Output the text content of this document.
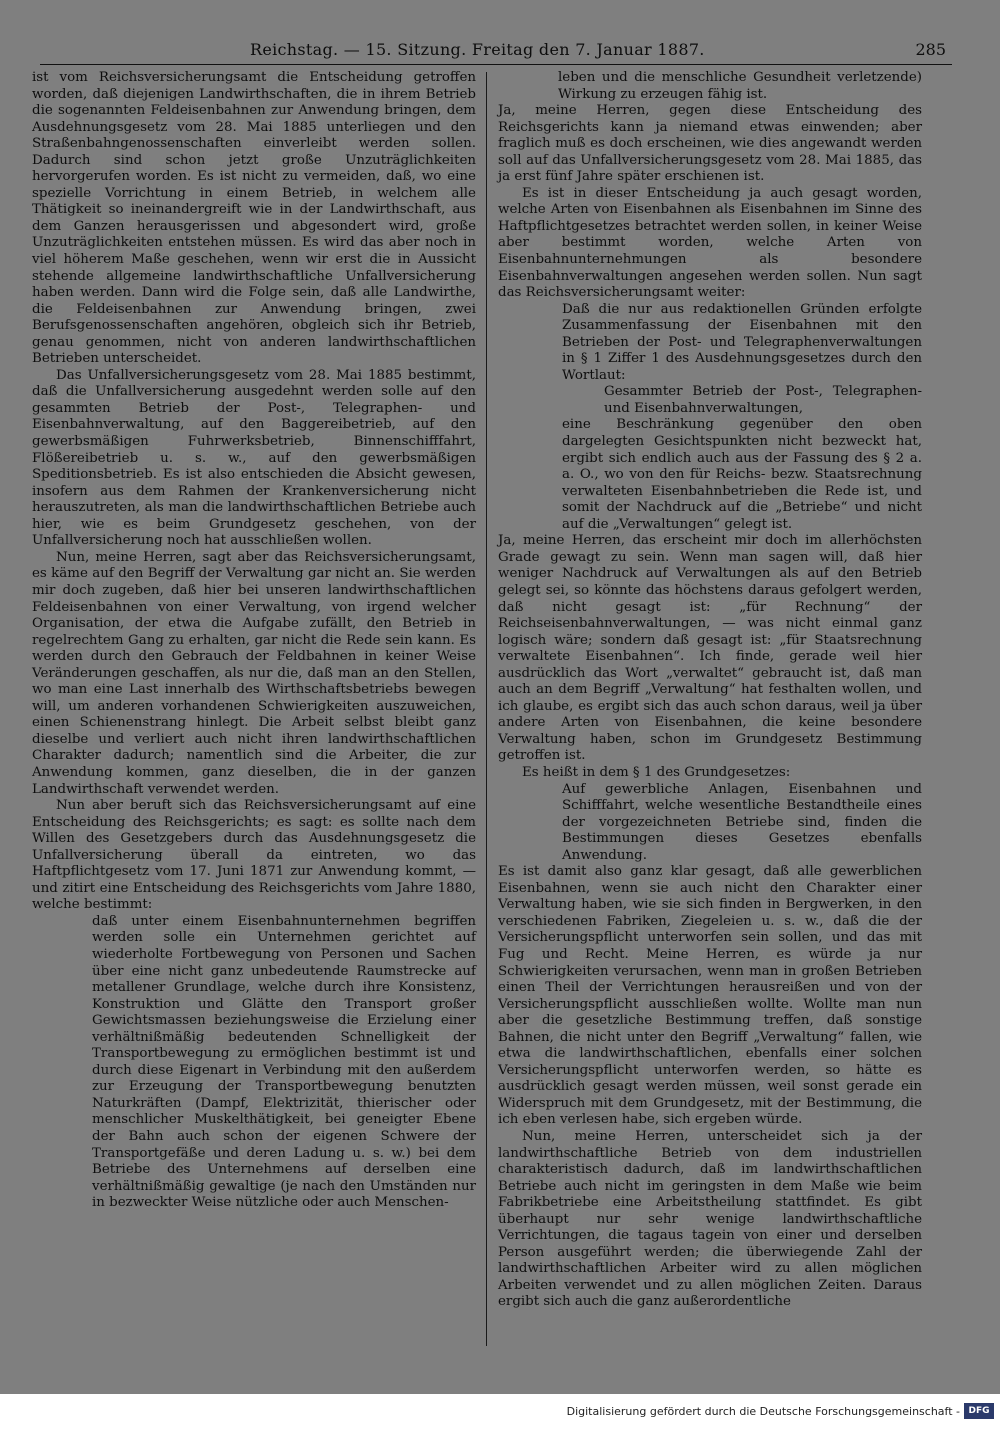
Reichstag. — 15. Sitzung. Freitag den 7. Januar 1887.	285

ist vom Reichsversicherungsamt die Entscheidung getroffen worden, daß diejenigen Landwirthschaften, die in ihrem Betrieb die sogenannten Feldeisenbahnen zur Anwendung bringen, dem Ausdehnungsgesetz vom 28. Mai 1885 unterliegen und den Straßenbahngenossenschaften einverleibt werden sollen. Dadurch sind schon jetzt große Unzuträglichkeiten hervorgerufen worden. Es ist nicht zu vermeiden, daß, wo eine spezielle Vorrichtung in einem Betrieb, in welchem alle Thätigkeit so ineinandergreift wie in der Landwirthschaft, aus dem Ganzen herausgerissen und abgesondert wird, große Unzuträglichkeiten entstehen müssen. Es wird das aber noch in viel höherem Maße geschehen, wenn wir erst die in Aussicht stehende allgemeine landwirthschaftliche Unfallversicherung haben werden. Dann wird die Folge sein, daß alle Landwirthe, die Feldeisenbahnen zur Anwendung bringen, zwei Berufsgenossenschaften angehören, obgleich sich ihr Betrieb, genau genommen, nicht von anderen landwirthschaftlichen Betrieben unterscheidet.

Das Unfallversicherungsgesetz vom 28. Mai 1885 bestimmt, daß die Unfallversicherung ausgedehnt werden solle auf den gesammten Betrieb der Post-, Telegraphen- und Eisenbahnverwaltung, auf den Baggereibetrieb, auf den gewerbsmäßigen Fuhrwerksbetrieb, Binnenschifffahrt, Flößereibetrieb u. s. w., auf den gewerbsmäßigen Speditionsbetrieb. Es ist also entschieden die Absicht gewesen, insofern aus dem Rahmen der Krankenversicherung nicht herauszutreten, als man die landwirthschaftlichen Betriebe auch hier, wie es beim Grundgesetz geschehen, von der Unfallversicherung noch hat ausschließen wollen.

Nun, meine Herren, sagt aber das Reichsversicherungsamt, es käme auf den Begriff der Verwaltung gar nicht an. Sie werden mir doch zugeben, daß hier bei unseren landwirthschaftlichen Feldeisenbahnen von einer Verwaltung, von irgend welcher Organisation, der etwa die Aufgabe zufällt, den Betrieb in regelrechtem Gang zu erhalten, gar nicht die Rede sein kann. Es werden durch den Gebrauch der Feldbahnen in keiner Weise Veränderungen geschaffen, als nur die, daß man an den Stellen, wo man eine Last innerhalb des Wirthschaftsbetriebs bewegen will, um anderen vorhandenen Schwierigkeiten auszuweichen, einen Schienenstrang hinlegt. Die Arbeit selbst bleibt ganz dieselbe und verliert auch nicht ihren landwirthschaftlichen Charakter dadurch; namentlich sind die Arbeiter, die zur Anwendung kommen, ganz dieselben, die in der ganzen Landwirthschaft verwendet werden.

Nun aber beruft sich das Reichsversicherungsamt auf eine Entscheidung des Reichsgerichts; es sagt: es sollte nach dem Willen des Gesetzgebers durch das Ausdehnungsgesetz die Unfallversicherung überall da eintreten, wo das Haftpflichtgesetz vom 17. Juni 1871 zur Anwendung kommt, — und zitirt eine Entscheidung des Reichsgerichts vom Jahre 1880, welche bestimmt:

daß unter einem Eisenbahnunternehmen begriffen werden solle ein Unternehmen gerichtet auf wiederholte Fortbewegung von Personen und Sachen über eine nicht ganz unbedeutende Raumstrecke auf metallener Grundlage, welche durch ihre Konsistenz, Konstruktion und Glätte den Transport großer Gewichtsmassen beziehungsweise die Erzielung einer verhältnißmäßig bedeutenden Schnelligkeit der Transportbewegung zu ermöglichen bestimmt ist und durch diese Eigenart in Verbindung mit den außerdem zur Erzeugung der Transportbewegung benutzten Naturkräften (Dampf, Elektrizität, thierischer oder menschlicher Muskelthätigkeit, bei geneigter Ebene der Bahn auch schon der eigenen Schwere der Transportgefäße und deren Ladung u. s. w.) bei dem Betriebe des Unternehmens auf derselben eine verhältnißmäßig gewaltige (je nach den Umständen nur in bezweckter Weise nützliche oder auch Menschen-

leben und die menschliche Gesundheit verletzende) Wirkung zu erzeugen fähig ist.

Ja, meine Herren, gegen diese Entscheidung des Reichsgerichts kann ja niemand etwas einwenden; aber fraglich muß es doch erscheinen, wie dies angewandt werden soll auf das Unfallversicherungsgesetz vom 28. Mai 1885, das ja erst fünf Jahre später erschienen ist.

Es ist in dieser Entscheidung ja auch gesagt worden, welche Arten von Eisenbahnen als Eisenbahnen im Sinne des Haftpflichtgesetzes betrachtet werden sollen, in keiner Weise aber bestimmt worden, welche Arten von Eisenbahnunternehmungen als besondere Eisenbahnverwaltungen angesehen werden sollen. Nun sagt das Reichsversicherungsamt weiter:

Daß die nur aus redaktionellen Gründen erfolgte Zusammenfassung der Eisenbahnen mit den Betrieben der Post- und Telegraphenverwaltungen in § 1 Ziffer 1 des Ausdehnungsgesetzes durch den Wortlaut:

Gesammter Betrieb der Post-, Telegraphen- und Eisenbahnverwaltungen,

eine Beschränkung gegenüber den oben dargelegten Gesichtspunkten nicht bezweckt hat, ergibt sich endlich auch aus der Fassung des § 2 a. a. O., wo von den für Reichs- bezw. Staatsrechnung verwalteten Eisenbahnbetrieben die Rede ist, und somit der Nachdruck auf die „Betriebe“ und nicht auf die „Verwaltungen“ gelegt ist.

Ja, meine Herren, das erscheint mir doch im allerhöchsten Grade gewagt zu sein. Wenn man sagen will, daß hier weniger Nachdruck auf Verwaltungen als auf den Betrieb gelegt sei, so könnte das höchstens daraus gefolgert werden, daß nicht gesagt ist: „für Rechnung“ der Reichseisenbahnverwaltungen, — was nicht einmal ganz logisch wäre; sondern daß gesagt ist: „für Staatsrechnung verwaltete Eisenbahnen“. Ich finde, gerade weil hier ausdrücklich das Wort „verwaltet“ gebraucht ist, daß man auch an dem Begriff „Verwaltung“ hat festhalten wollen, und ich glaube, es ergibt sich das auch schon daraus, weil ja über andere Arten von Eisenbahnen, die keine besondere Verwaltung haben, schon im Grundgesetz Bestimmung getroffen ist.

Es heißt in dem § 1 des Grundgesetzes:

Auf gewerbliche Anlagen, Eisenbahnen und Schifffahrt, welche wesentliche Bestandtheile eines der vorgezeichneten Betriebe sind, finden die Bestimmungen dieses Gesetzes ebenfalls Anwendung.

Es ist damit also ganz klar gesagt, daß alle gewerblichen Eisenbahnen, wenn sie auch nicht den Charakter einer Verwaltung haben, wie sie sich finden in Bergwerken, in den verschiedenen Fabriken, Ziegeleien u. s. w., daß die der Versicherungspflicht unterworfen sein sollen, und das mit Fug und Recht. Meine Herren, es würde ja nur Schwierigkeiten verursachen, wenn man in großen Betrieben einen Theil der Verrichtungen herausreißen und von der Versicherungspflicht ausschließen wollte. Wollte man nun aber die gesetzliche Bestimmung treffen, daß sonstige Bahnen, die nicht unter den Begriff „Verwaltung“ fallen, wie etwa die landwirthschaftlichen, ebenfalls einer solchen Versicherungspflicht unterworfen werden, so hätte es ausdrücklich gesagt werden müssen, weil sonst gerade ein Widerspruch mit dem Grundgesetz, mit der Bestimmung, die ich eben verlesen habe, sich ergeben würde.

Nun, meine Herren, unterscheidet sich ja der landwirthschaftliche Betrieb von dem industriellen charakteristisch dadurch, daß im landwirthschaftlichen Betriebe auch nicht im geringsten in dem Maße wie beim Fabrikbetriebe eine Arbeitstheilung stattfindet. Es gibt überhaupt nur sehr wenige landwirthschaftliche Verrichtungen, die tagaus tagein von einer und derselben Person ausgeführt werden; die überwiegende Zahl der landwirthschaftlichen Arbeiter wird zu allen möglichen Arbeiten verwendet und zu allen möglichen Zeiten. Daraus ergibt sich auch die ganz außerordentliche

Digitalisierung gefördert durch die Deutsche Forschungsgemeinschaft - DFG
